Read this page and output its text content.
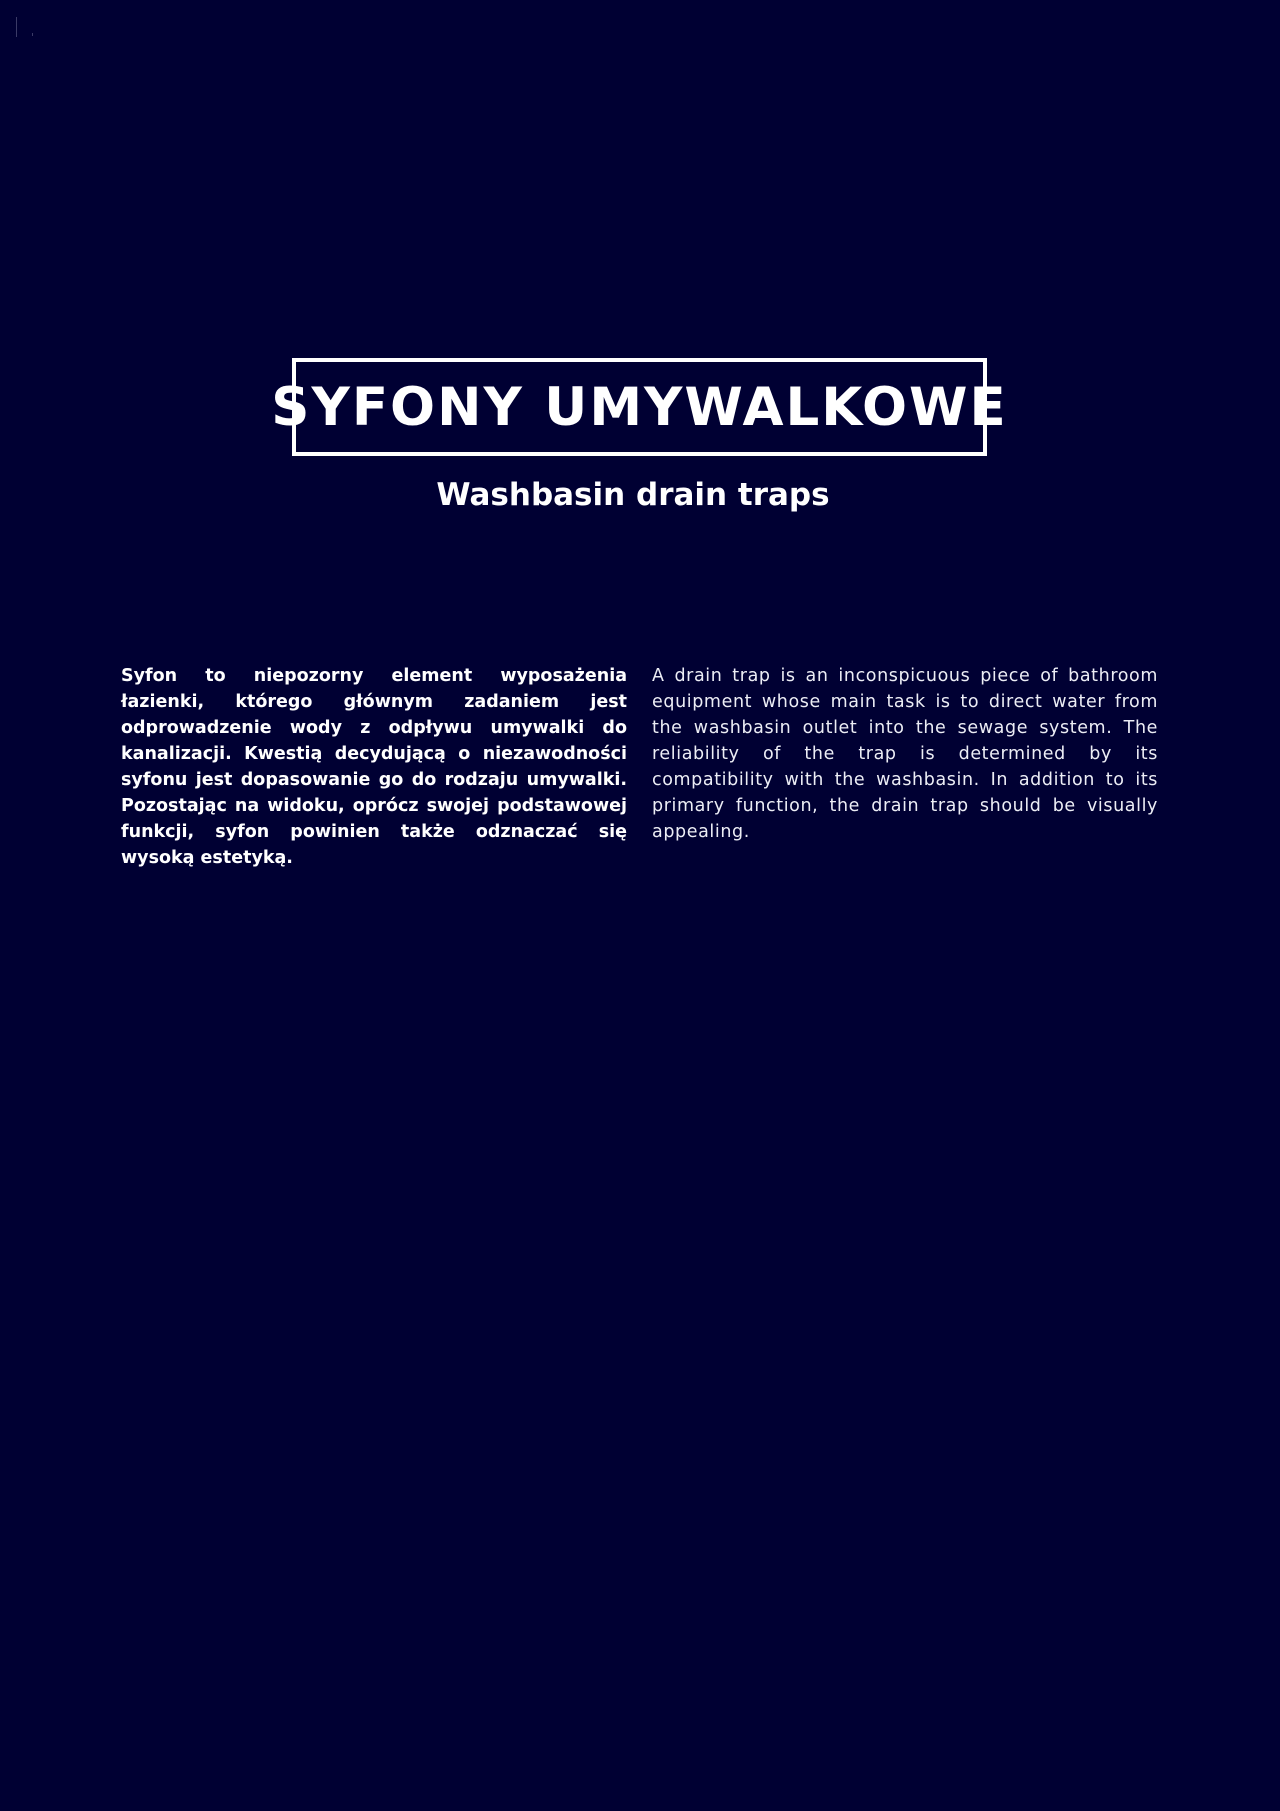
SYFONY UMYWALKOWE
Washbasin drain traps

Syfon to niepozorny element wyposażenia łazienki, którego głównym zadaniem jest odprowadzenie wody z odpływu umywalki do kanalizacji. Kwestią decydującą o niezawodności syfonu jest dopasowanie go do rodzaju umywalki. Pozostając na widoku, oprócz swojej podstawowej funkcji, syfon powinien także odznaczać się wysoką estetyką.

A drain trap is an inconspicuous piece of bathroom equipment whose main task is to direct water from the washbasin outlet into the sewage system. The reliability of the trap is determined by its compatibility with the washbasin. In addition to its primary function, the drain trap should be visually appealing.
